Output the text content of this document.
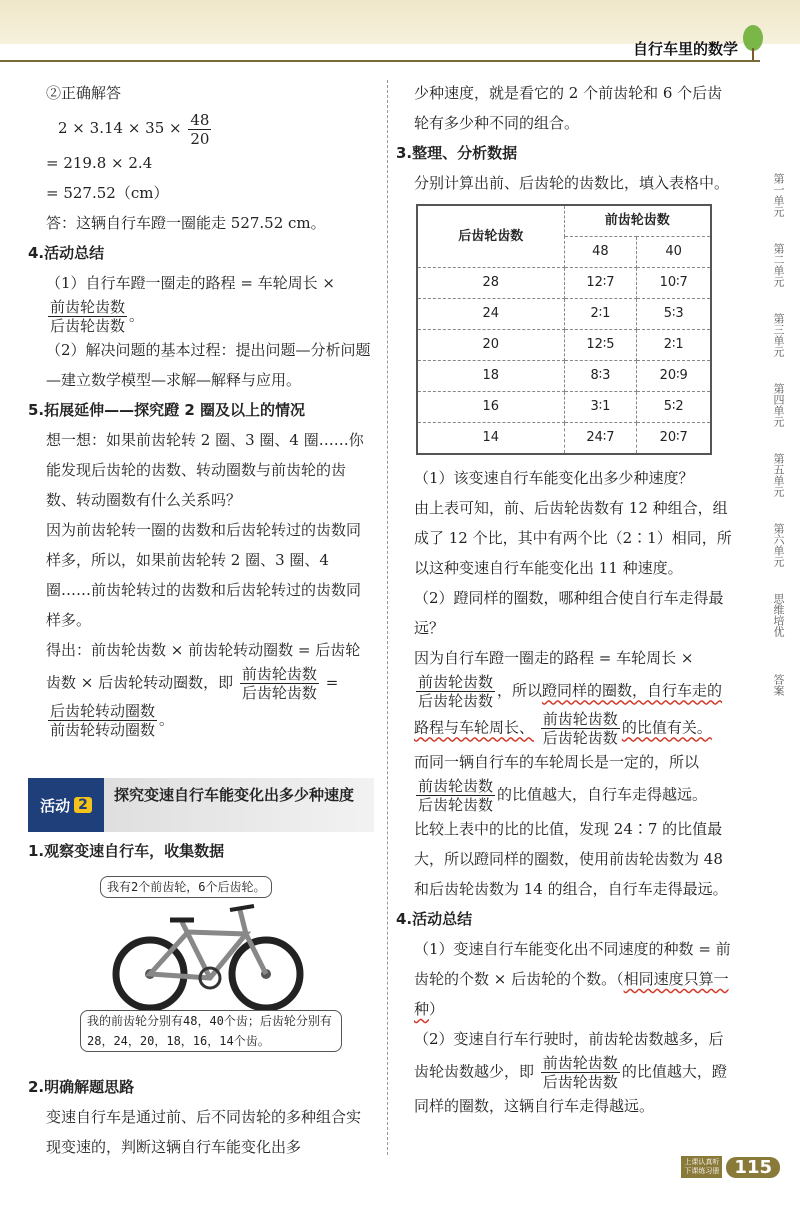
自行车里的数学

②正确解答

$2 \times 3.14 \times 35 \times \frac{48}{20}$

= 219.8 × 2.4

= 527.52（cm）

答：这辆自行车蹬一圈能走 527.52 cm。

4.活动总结

（1）自行车蹬一圈走的路程 = 车轮周长 ×
$\frac{\text{前齿轮齿数}}{\text{后齿轮齿数}}$ 。

（2）解决问题的基本过程：提出问题—分析问题—建立数学模型—求解—解释与应用。

5.拓展延伸——探究蹬 2 圈及以上的情况

想一想：如果前齿轮转 2 圈、3 圈、4 圈……你能发现后齿轮的齿数、转动圈数与前齿轮的齿数、转动圈数有什么关系吗？

因为前齿轮转一圈的齿数和后齿轮转过的齿数同样多，所以，如果前齿轮转 2 圈、3 圈、4 圈……前齿轮转过的齿数和后齿轮转过的齿数同样多。

得出：前齿轮齿数 × 前齿轮转动圈数 = 后齿轮齿数 × 后齿轮转动圈数，即 $\frac{\text{前齿轮齿数}}{\text{后齿轮齿数}}$ =
$\frac{\text{后齿轮转动圈数}}{\text{前齿轮转动圈数}}$ 。

活动 2
探究变速自行车能变化出多少种速度

1.观察变速自行车，收集数据

我有2个前齿轮，6个后齿轮。
我的前齿轮分别有48，40个齿；后齿轮分别有28，24，20，18，16，14个齿。

2.明确解题思路

变速自行车是通过前、后不同齿轮的多种组合实现变速的，判断这辆自行车能变化出多

少种速度，就是看它的 2 个前齿轮和 6 个后齿轮有多少种不同的组合。

3.整理、分析数据

分别计算出前、后齿轮的齿数比，填入表格中。

后齿轮齿数	前齿轮齿数	
	48	40
28	12∶7	10∶7
24	2∶1	5∶3
20	12∶5	2∶1
18	8∶3	20∶9
16	3∶1	5∶2
14	24∶7	20∶7

（1）该变速自行车能变化出多少种速度？

由上表可知，前、后齿轮齿数有 12 种组合，组成了 12 个比，其中有两个比（2∶1）相同，所以这种变速自行车能变化出 11 种速度。

（2）蹬同样的圈数，哪种组合使自行车走得最远？

因为自行车蹬一圈走的路程 = 车轮周长 ×
$\frac{\text{前齿轮齿数}}{\text{后齿轮齿数}}$ ，所以蹬同样的圈数，自行车走的路程与车轮周长、 $\frac{\text{前齿轮齿数}}{\text{后齿轮齿数}}$ 的比值有关。

而同一辆自行车的车轮周长是一定的，所以
$\frac{\text{前齿轮齿数}}{\text{后齿轮齿数}}$ 的比值越大，自行车走得越远。

比较上表中的比的比值，发现 24∶7 的比值最大，所以蹬同样的圈数，使用前齿轮齿数为 48 和后齿轮齿数为 14 的组合，自行车走得最远。

4.活动总结

（1）变速自行车能变化出不同速度的种数 = 前齿轮的个数 × 后齿轮的个数。（相同速度只算一种）

（2）变速自行车行驶时，前齿轮齿数越多，后齿轮齿数越少，即 $\frac{\text{前齿轮齿数}}{\text{后齿轮齿数}}$ 的比值越大，蹬同样的圈数，这辆自行车走得越远。

第一单元
第二单元
第三单元
第四单元
第五单元
第六单元
思维培优
答案
上课认真听
下课练习册 115
